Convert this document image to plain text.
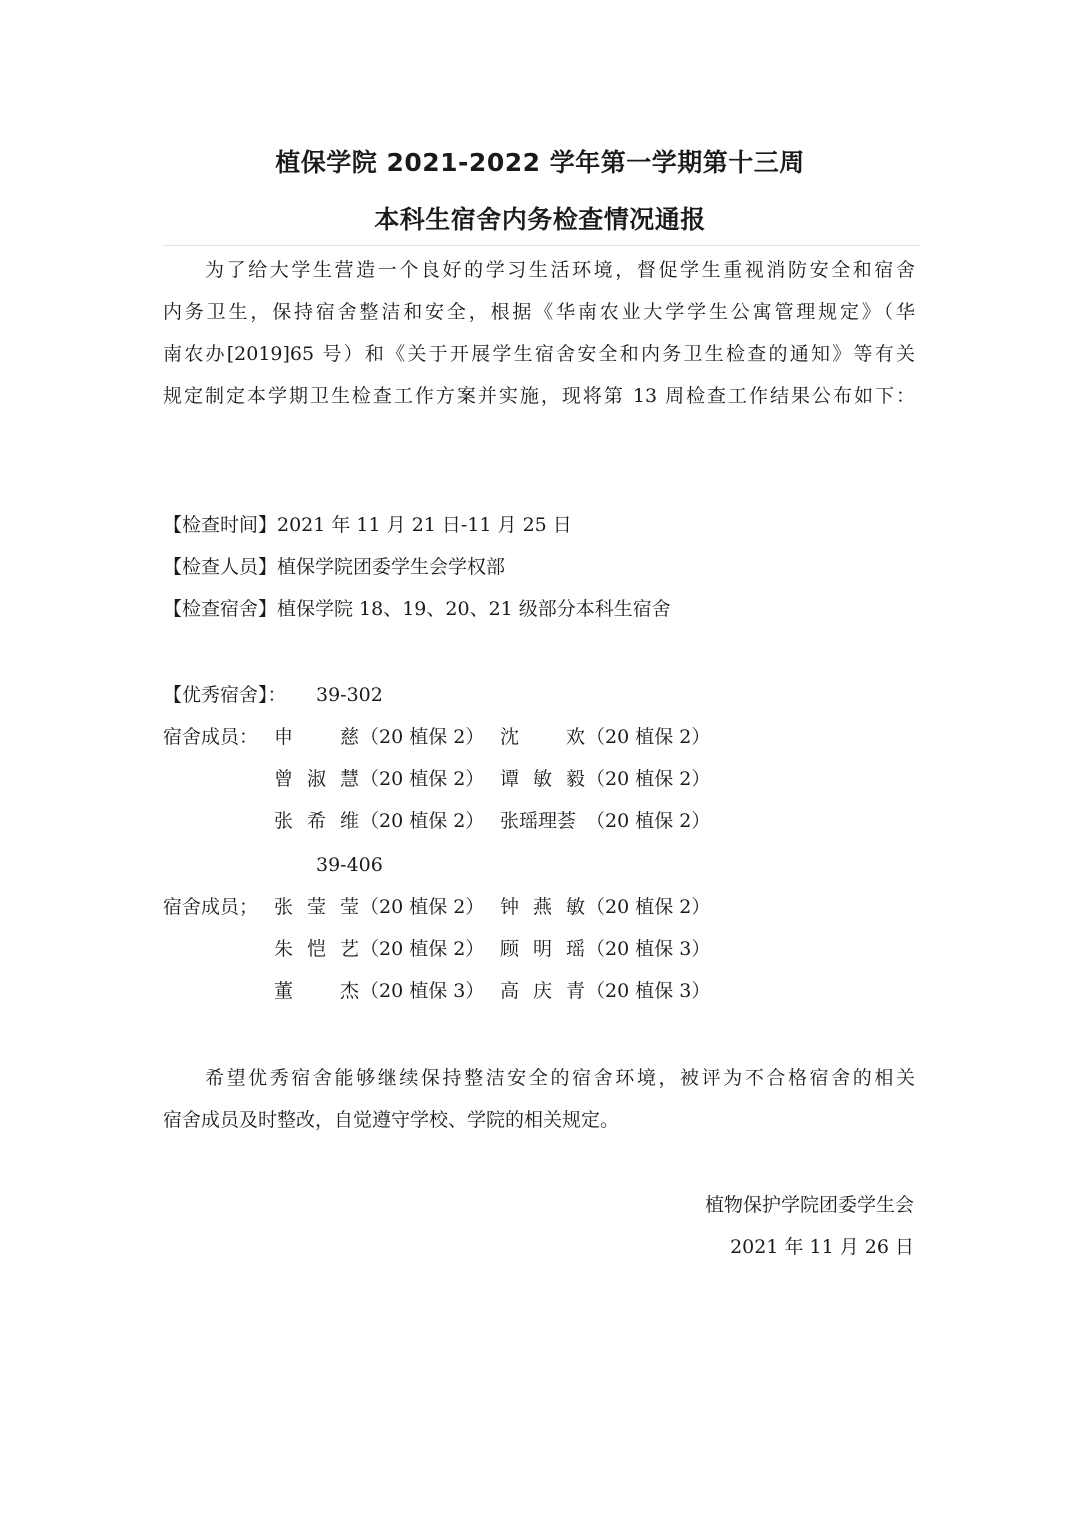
植保学院 2021-2022 学年第一学期第十三周
本科生宿舍内务检查情况通报
为了给大学生营造一个良好的学习生活环境，督促学生重视消防安全和宿舍
内务卫生，保持宿舍整洁和安全，根据《华南农业大学学生公寓管理规定》（华
南农办[2019]65 号）和《关于开展学生宿舍安全和内务卫生检查的通知》等有关
规定制定本学期卫生检查工作方案并实施，现将第 13 周检查工作结果公布如下：
【检查时间】2021 年 11 月 21 日-11 月 25 日
【检查人员】植保学院团委学生会学权部
【检查宿舍】植保学院 18、19、20、21 级部分本科生宿舍
【优秀宿舍】： 39-302
宿舍成员： 申 慈 （20 植保 2） 沈 欢 （20 植保 2）
曾 淑 慧 （20 植保 2） 谭 敏 毅 （20 植保 2）
张 希 维 （20 植保 2） 张瑶理荟 （20 植保 2）
39-406
宿舍成员； 张 莹 莹 （20 植保 2） 钟 燕 敏 （20 植保 2）
朱 恺 艺 （20 植保 2） 顾 明 瑶 （20 植保 3）
董 杰 （20 植保 3） 高 庆 青 （20 植保 3）
希望优秀宿舍能够继续保持整洁安全的宿舍环境，被评为不合格宿舍的相关
宿舍成员及时整改，自觉遵守学校、学院的相关规定。
植物保护学院团委学生会
2021 年 11 月 26 日
